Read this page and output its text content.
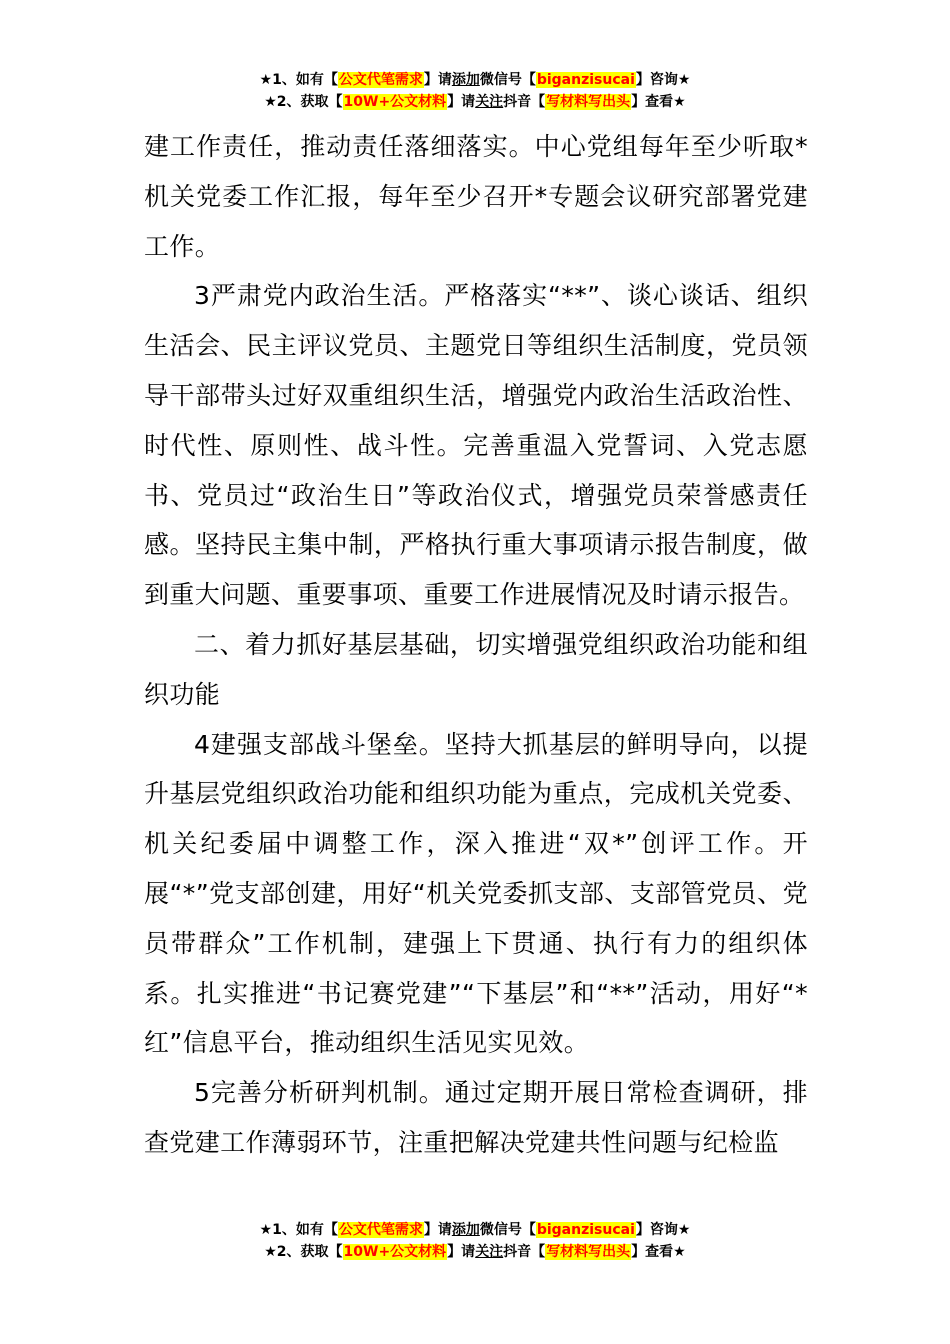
★1、如有【公文代笔需求】请添加微信号【biganzisucai】咨询★
★2、获取【10W+公文材料】请关注抖音【写材料写出头】查看★

建工作责任，推动责任落细落实。中心党组每年至少听取*机关党委工作汇报，每年至少召开*专题会议研究部署党建工作。

3严肃党内政治生活。严格落实“**”、谈心谈话、组织生活会、民主评议党员、主题党日等组织生活制度，党员领导干部带头过好双重组织生活，增强党内政治生活政治性、时代性、原则性、战斗性。完善重温入党誓词、入党志愿书、党员过“政治生日”等政治仪式，增强党员荣誉感责任感。坚持民主集中制，严格执行重大事项请示报告制度，做到重大问题、重要事项、重要工作进展情况及时请示报告。

二、着力抓好基层基础，切实增强党组织政治功能和组织功能

4建强支部战斗堡垒。坚持大抓基层的鲜明导向，以提升基层党组织政治功能和组织功能为重点，完成机关党委、机关纪委届中调整工作，深入推进“双*”创评工作。开展“*”党支部创建，用好“机关党委抓支部、支部管党员、党员带群众”工作机制，建强上下贯通、执行有力的组织体系。扎实推进“书记赛党建”“下基层”和“**”活动，用好“*红”信息平台，推动组织生活见实见效。

5完善分析研判机制。通过定期开展日常检查调研，排查党建工作薄弱环节，注重把解决党建共性问题与纪检监

★1、如有【公文代笔需求】请添加微信号【biganzisucai】咨询★
★2、获取【10W+公文材料】请关注抖音【写材料写出头】查看★
